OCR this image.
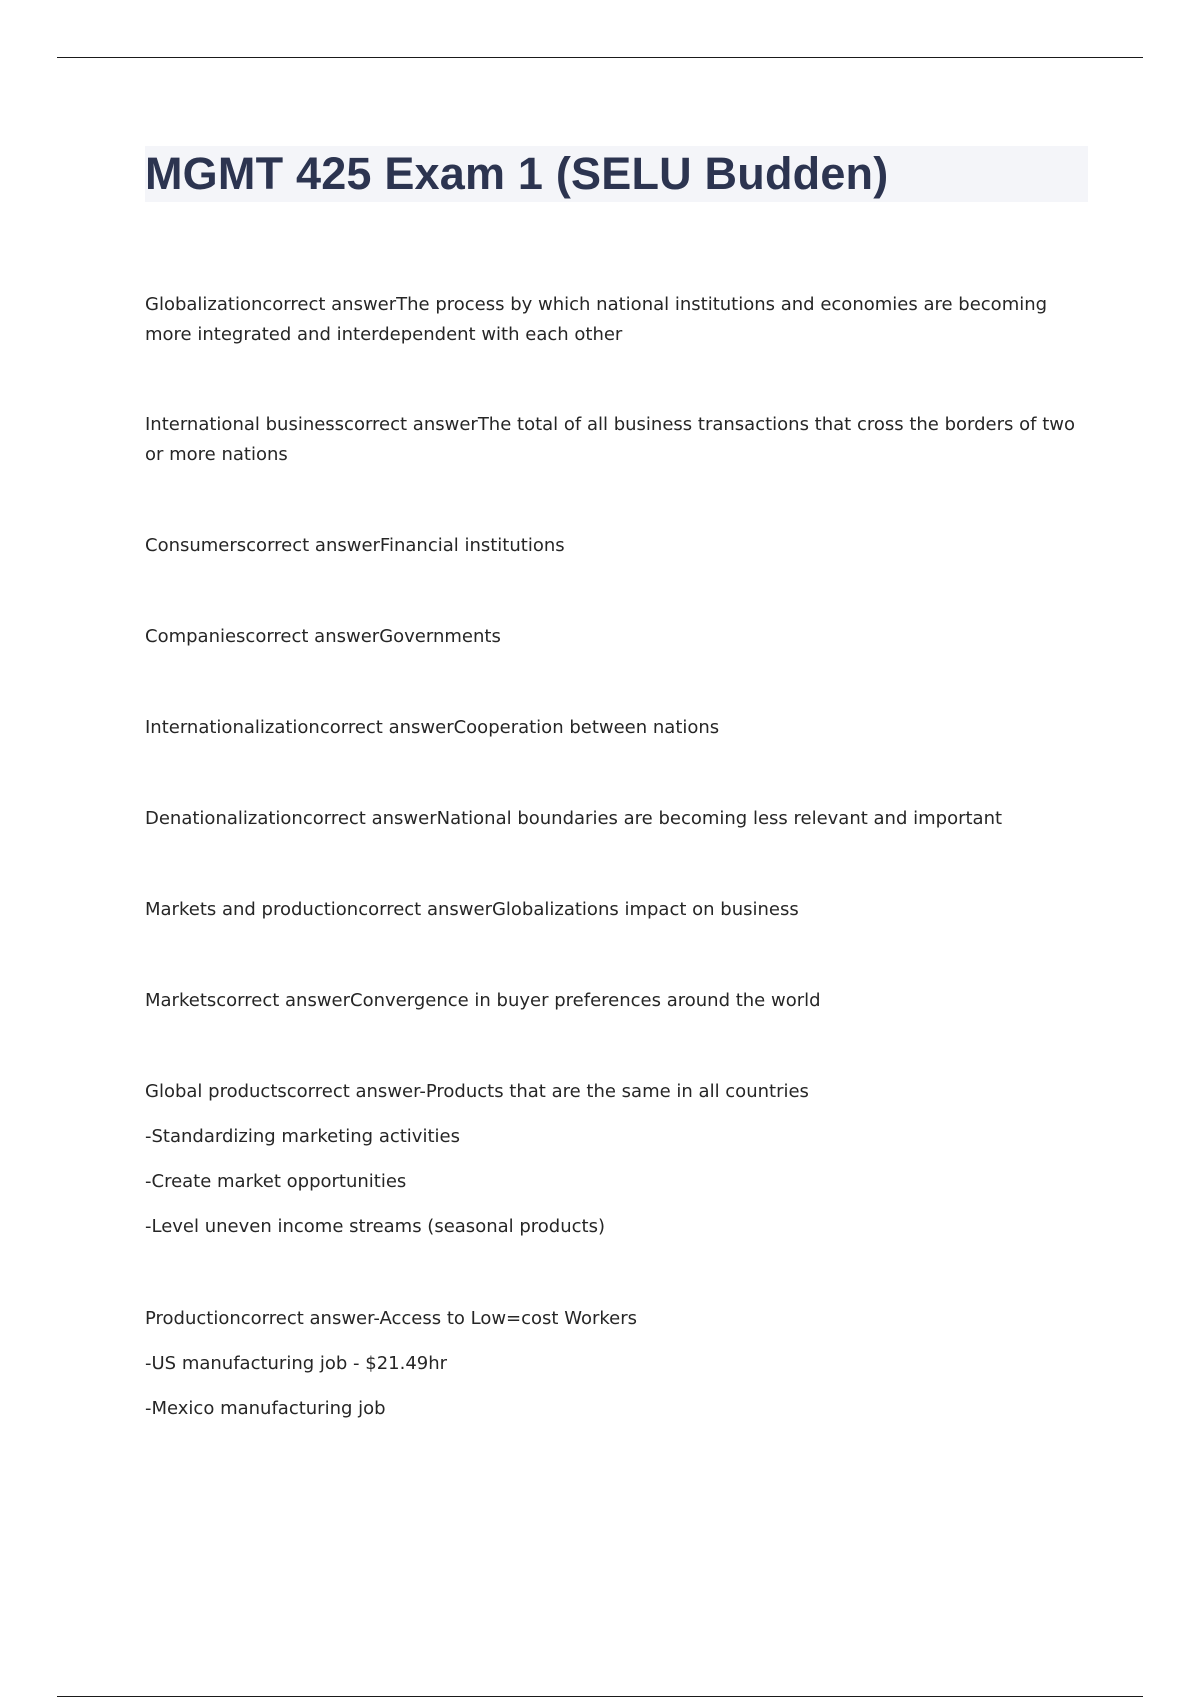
MGMT 425 Exam 1 (SELU Budden)
Globalizationcorrect answerThe process by which national institutions and economies are becoming more integrated and interdependent with each other
International businesscorrect answerThe total of all business transactions that cross the borders of two or more nations
Consumerscorrect answerFinancial institutions
Companiescorrect answerGovernments
Internationalizationcorrect answerCooperation between nations
Denationalizationcorrect answerNational boundaries are becoming less relevant and important
Markets and productioncorrect answerGlobalizations impact on business
Marketscorrect answerConvergence in buyer preferences around the world
Global productscorrect answer-Products that are the same in all countries
-Standardizing marketing activities
-Create market opportunities
-Level uneven income streams (seasonal products)
Productioncorrect answer-Access to Low=cost Workers
-US manufacturing job - $21.49hr
-Mexico manufacturing job
